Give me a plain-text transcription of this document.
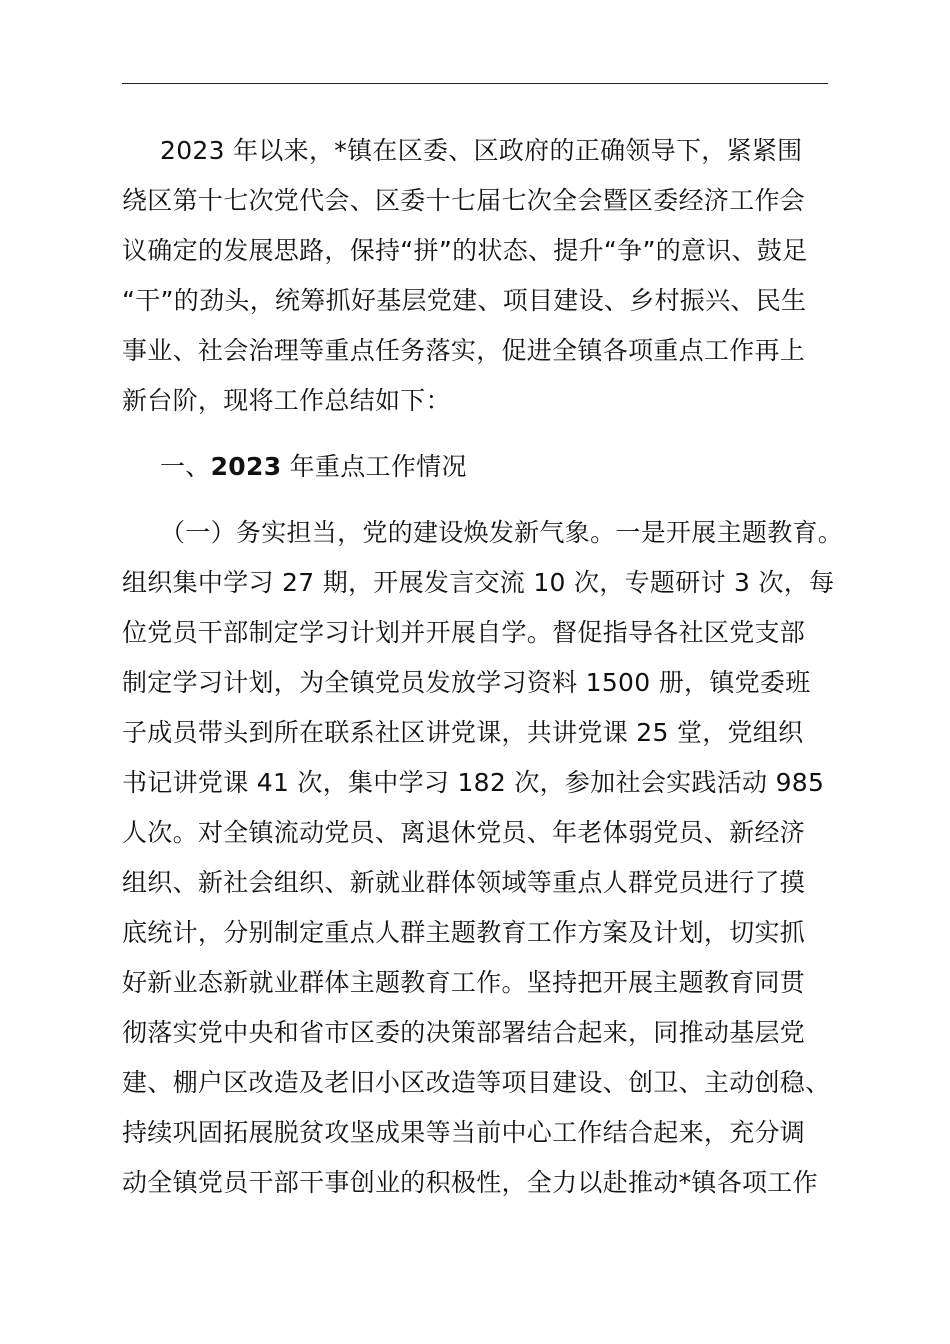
2023 年以来，*镇在区委、区政府的正确领导下，紧紧围
绕区第十七次党代会、区委十七届七次全会暨区委经济工作会
议确定的发展思路，保持“拼”的状态、提升“争”的意识、鼓足
“干”的劲头，统筹抓好基层党建、项目建设、乡村振兴、民生
事业、社会治理等重点任务落实，促进全镇各项重点工作再上
新台阶，现将工作总结如下：
一、2023 年重点工作情况
（一）务实担当，党的建设焕发新气象。一是开展主题教育。
组织集中学习 27 期，开展发言交流 10 次，专题研讨 3 次，每
位党员干部制定学习计划并开展自学。督促指导各社区党支部
制定学习计划，为全镇党员发放学习资料 1500 册，镇党委班
子成员带头到所在联系社区讲党课，共讲党课 25 堂，党组织
书记讲党课 41 次，集中学习 182 次，参加社会实践活动 985
人次。对全镇流动党员、离退休党员、年老体弱党员、新经济
组织、新社会组织、新就业群体领域等重点人群党员进行了摸
底统计，分别制定重点人群主题教育工作方案及计划，切实抓
好新业态新就业群体主题教育工作。坚持把开展主题教育同贯
彻落实党中央和省市区委的决策部署结合起来，同推动基层党
建、棚户区改造及老旧小区改造等项目建设、创卫、主动创稳、
持续巩固拓展脱贫攻坚成果等当前中心工作结合起来，充分调
动全镇党员干部干事创业的积极性，全力以赴推动*镇各项工作
